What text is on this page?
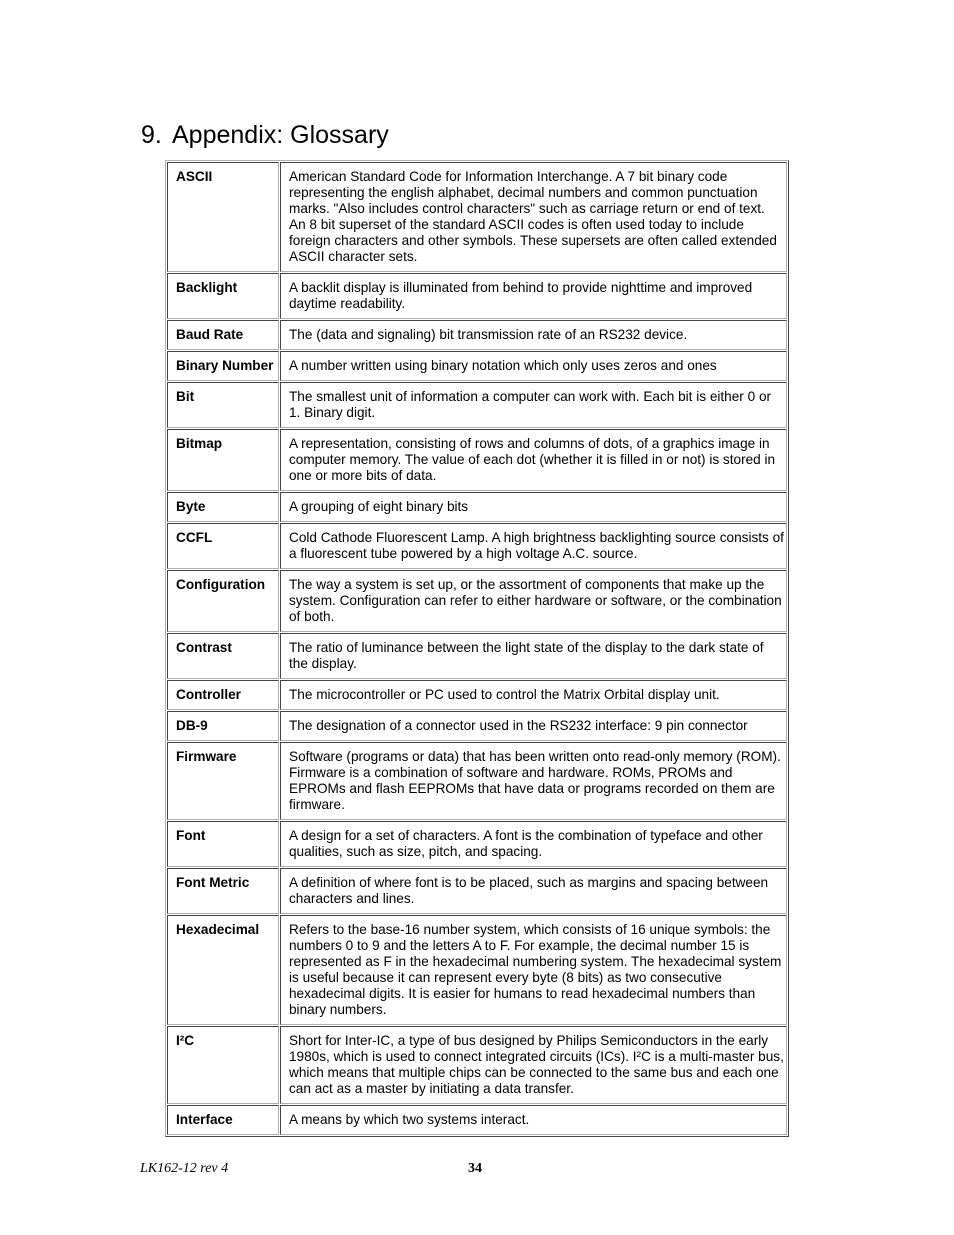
9. Appendix: Glossary
ASCII	American Standard Code for Information Interchange. A 7 bit binary code representing the english alphabet, decimal numbers and common punctuation marks. "Also includes control characters" such as carriage return or end of text. An 8 bit superset of the standard ASCII codes is often used today to include foreign characters and other symbols. These supersets are often called extended ASCII character sets.
Backlight	A backlit display is illuminated from behind to provide nighttime and improved daytime readability.
Baud Rate	The (data and signaling) bit transmission rate of an RS232 device.
Binary Number	A number written using binary notation which only uses zeros and ones
Bit	The smallest unit of information a computer can work with. Each bit is either 0 or 1. Binary digit.
Bitmap	A representation, consisting of rows and columns of dots, of a graphics image in computer memory. The value of each dot (whether it is filled in or not) is stored in one or more bits of data.
Byte	A grouping of eight binary bits
CCFL	Cold Cathode Fluorescent Lamp. A high brightness backlighting source consists of a fluorescent tube powered by a high voltage A.C. source.
Configuration	The way a system is set up, or the assortment of components that make up the system. Configuration can refer to either hardware or software, or the combination of both.
Contrast	The ratio of luminance between the light state of the display to the dark state of the display.
Controller	The microcontroller or PC used to control the Matrix Orbital display unit.
DB-9	The designation of a connector used in the RS232 interface: 9 pin connector
Firmware	Software (programs or data) that has been written onto read-only memory (ROM). Firmware is a combination of software and hardware. ROMs, PROMs and EPROMs and flash EEPROMs that have data or programs recorded on them are firmware.
Font	A design for a set of characters. A font is the combination of typeface and other qualities, such as size, pitch, and spacing.
Font Metric	A definition of where font is to be placed, such as margins and spacing between characters and lines.
Hexadecimal	Refers to the base-16 number system, which consists of 16 unique symbols: the numbers 0 to 9 and the letters A to F. For example, the decimal number 15 is represented as F in the hexadecimal numbering system. The hexadecimal system is useful because it can represent every byte (8 bits) as two consecutive hexadecimal digits. It is easier for humans to read hexadecimal numbers than binary numbers.
I²C	Short for Inter-IC, a type of bus designed by Philips Semiconductors in the early 1980s, which is used to connect integrated circuits (ICs). I²C is a multi-master bus, which means that multiple chips can be connected to the same bus and each one can act as a master by initiating a data transfer.
Interface	A means by which two systems interact.
LK162-12 rev 4	34
